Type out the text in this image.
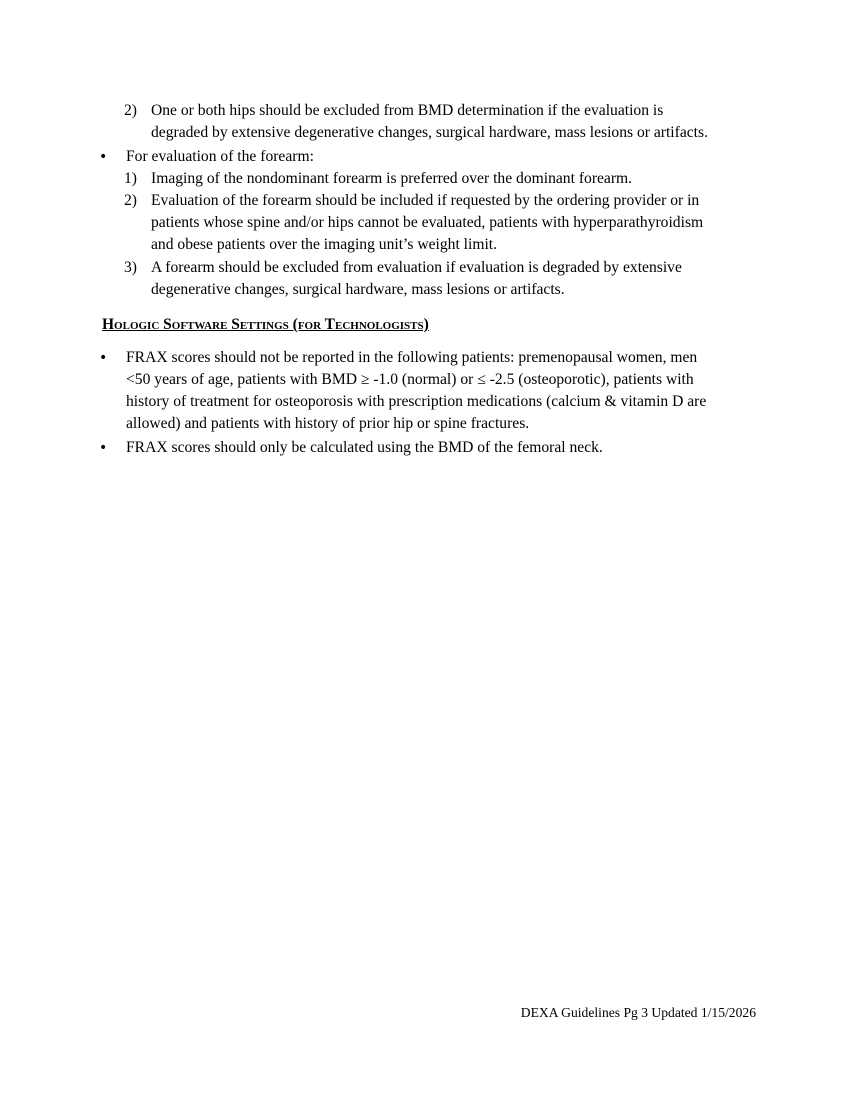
2) One or both hips should be excluded from BMD determination if the evaluation is
degraded by extensive degenerative changes, surgical hardware, mass lesions or artifacts.
• For evaluation of the forearm:
1) Imaging of the nondominant forearm is preferred over the dominant forearm.
2) Evaluation of the forearm should be included if requested by the ordering provider or in
patients whose spine and/or hips cannot be evaluated, patients with hyperparathyroidism
and obese patients over the imaging unit’s weight limit.
3) A forearm should be excluded from evaluation if evaluation is degraded by extensive
degenerative changes, surgical hardware, mass lesions or artifacts.
Hologic Software Settings (for Technologists)
• FRAX scores should not be reported in the following patients: premenopausal women, men
<50 years of age, patients with BMD ≥ -1.0 (normal) or ≤ -2.5 (osteoporotic), patients with
history of treatment for osteoporosis with prescription medications (calcium & vitamin D are
allowed) and patients with history of prior hip or spine fractures.
• FRAX scores should only be calculated using the BMD of the femoral neck.
DEXA Guidelines Pg 3 Updated 1/15/2026
